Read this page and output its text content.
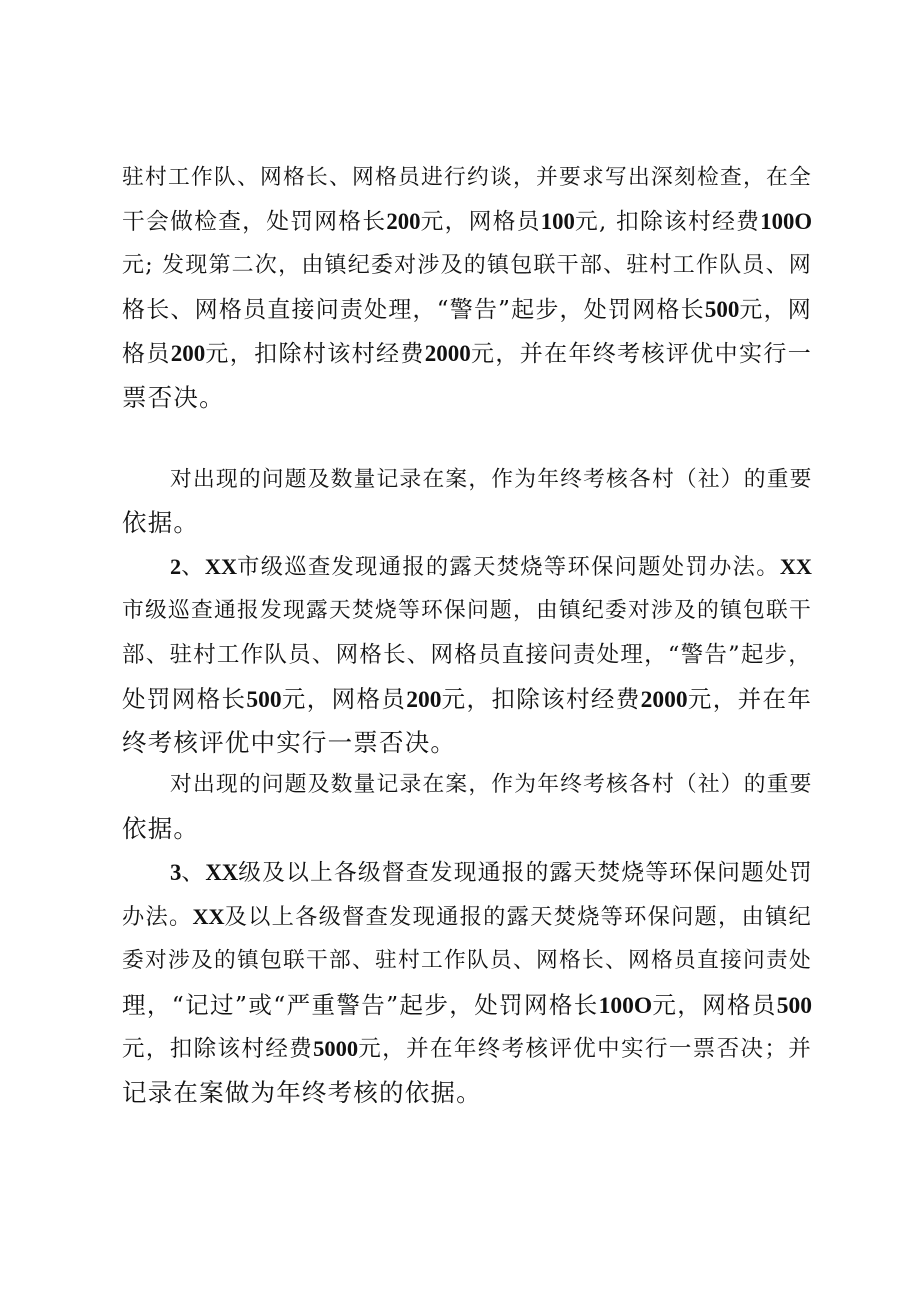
驻村工作队、网格长、网格员进行约谈，并要求写出深刻检查，在全
干会做检查，处罚网格长200元，网格员100元, 扣除该村经费100O
元; 发现第二次，由镇纪委对涉及的镇包联干部、驻村工作队员、网
格长、网格员直接问责处理，“警告”起步，处罚网格长500元，网
格员200元，扣除村该村经费2000元，并在年终考核评优中实行一
票否决。
对出现的问题及数量记录在案，作为年终考核各村（社）的重要
依据。
2、XX市级巡查发现通报的露天焚烧等环保问题处罚办法。XX
市级巡查通报发现露天焚烧等环保问题，由镇纪委对涉及的镇包联干
部、驻村工作队员、网格长、网格员直接问责处理，“警告”起步，
处罚网格长500元，网格员200元，扣除该村经费2000元，并在年
终考核评优中实行一票否决。
对出现的问题及数量记录在案，作为年终考核各村（社）的重要
依据。
3、XX级及以上各级督查发现通报的露天焚烧等环保问题处罚
办法。XX及以上各级督查发现通报的露天焚烧等环保问题，由镇纪
委对涉及的镇包联干部、驻村工作队员、网格长、网格员直接问责处
理，“记过”或“严重警告”起步，处罚网格长100O元，网格员500
元，扣除该村经费5000元，并在年终考核评优中实行一票否决；并
记录在案做为年终考核的依据。
